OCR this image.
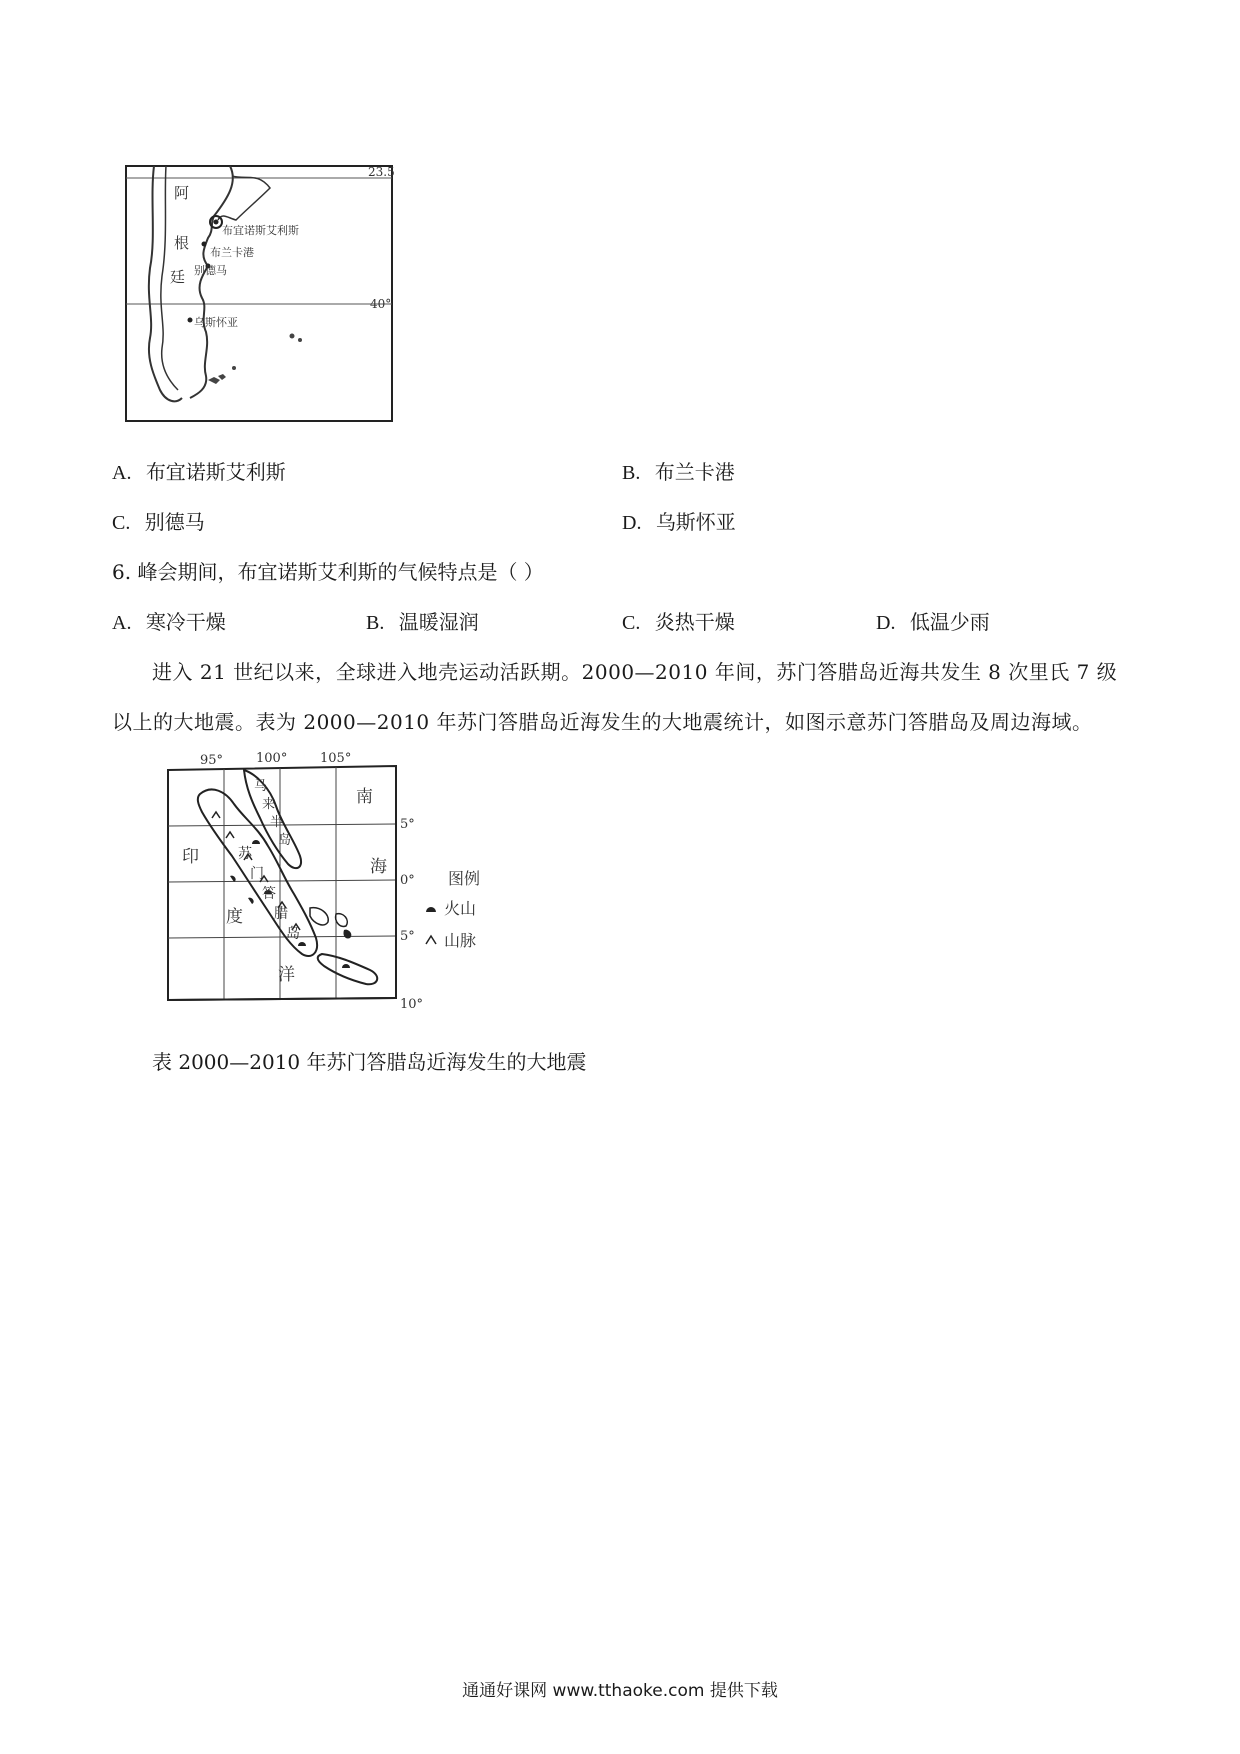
23.5
40°
阿
根
廷
布宜诺斯艾利斯
布兰卡港
别德马
乌斯怀亚
A. 布宜诺斯艾利斯	B. 布兰卡港
C. 别德马	D. 乌斯怀亚
6. 峰会期间，布宜诺斯艾利斯的气候特点是（ ）
A. 寒冷干燥	B. 温暖湿润	C. 炎热干燥	D. 低温少雨
进入 21 世纪以来，全球进入地壳运动活跃期。2000—2010 年间，苏门答腊岛近海共发生 8 次里氏 7 级
以上的大地震。表为 2000—2010 年苏门答腊岛近海发生的大地震统计，如图示意苏门答腊岛及周边海域。
95°	100°	105°
5°
0°
5°
10°
印
度
洋
南
海
苏
门
答
腊
岛
马
来
半
岛
图例
火山
山脉
表 2000—2010 年苏门答腊岛近海发生的大地震
通通好课网 www.tthaoke.com 提供下载
